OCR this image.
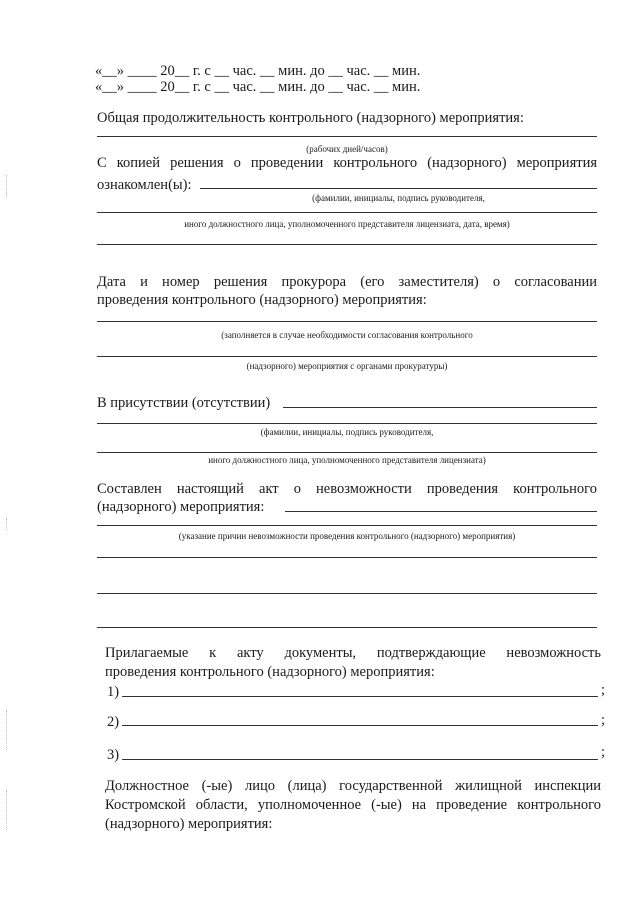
«__» ____ 20__ г. с __ час. __ мин. до __ час. __ мин.
«__» ____ 20__ г. с __ час. __ мин. до __ час. __ мин.
Общая продолжительность контрольного (надзорного) мероприятия:
(рабочих дней/часов)
С копией решения о проведении контрольного (надзорного) мероприятия
ознакомлен(ы):
(фамилии, инициалы, подпись руководителя,
иного должностного лица, уполномоченного представителя лицензиата, дата, время)
Дата и номер решения прокурора (его заместителя) о согласовании
проведения контрольного (надзорного) мероприятия:
(заполняется в случае необходимости согласования контрольного
(надзорного) мероприятия с органами прокуратуры)
В присутствии (отсутствии)
(фамилии, инициалы, подпись руководителя,
иного должностного лица, уполномоченного представителя лицензиата)
Составлен настоящий акт о невозможности проведения контрольного
(надзорного) мероприятия:
(указание причин невозможности проведения контрольного (надзорного) мероприятия)
Прилагаемые к акту документы, подтверждающие невозможность
проведения контрольного (надзорного) мероприятия:
1)	;
2)	;
3)	;
Должностное (-ые) лицо (лица) государственной жилищной инспекции
Костромской области, уполномоченное (-ые) на проведение контрольного
(надзорного) мероприятия:
